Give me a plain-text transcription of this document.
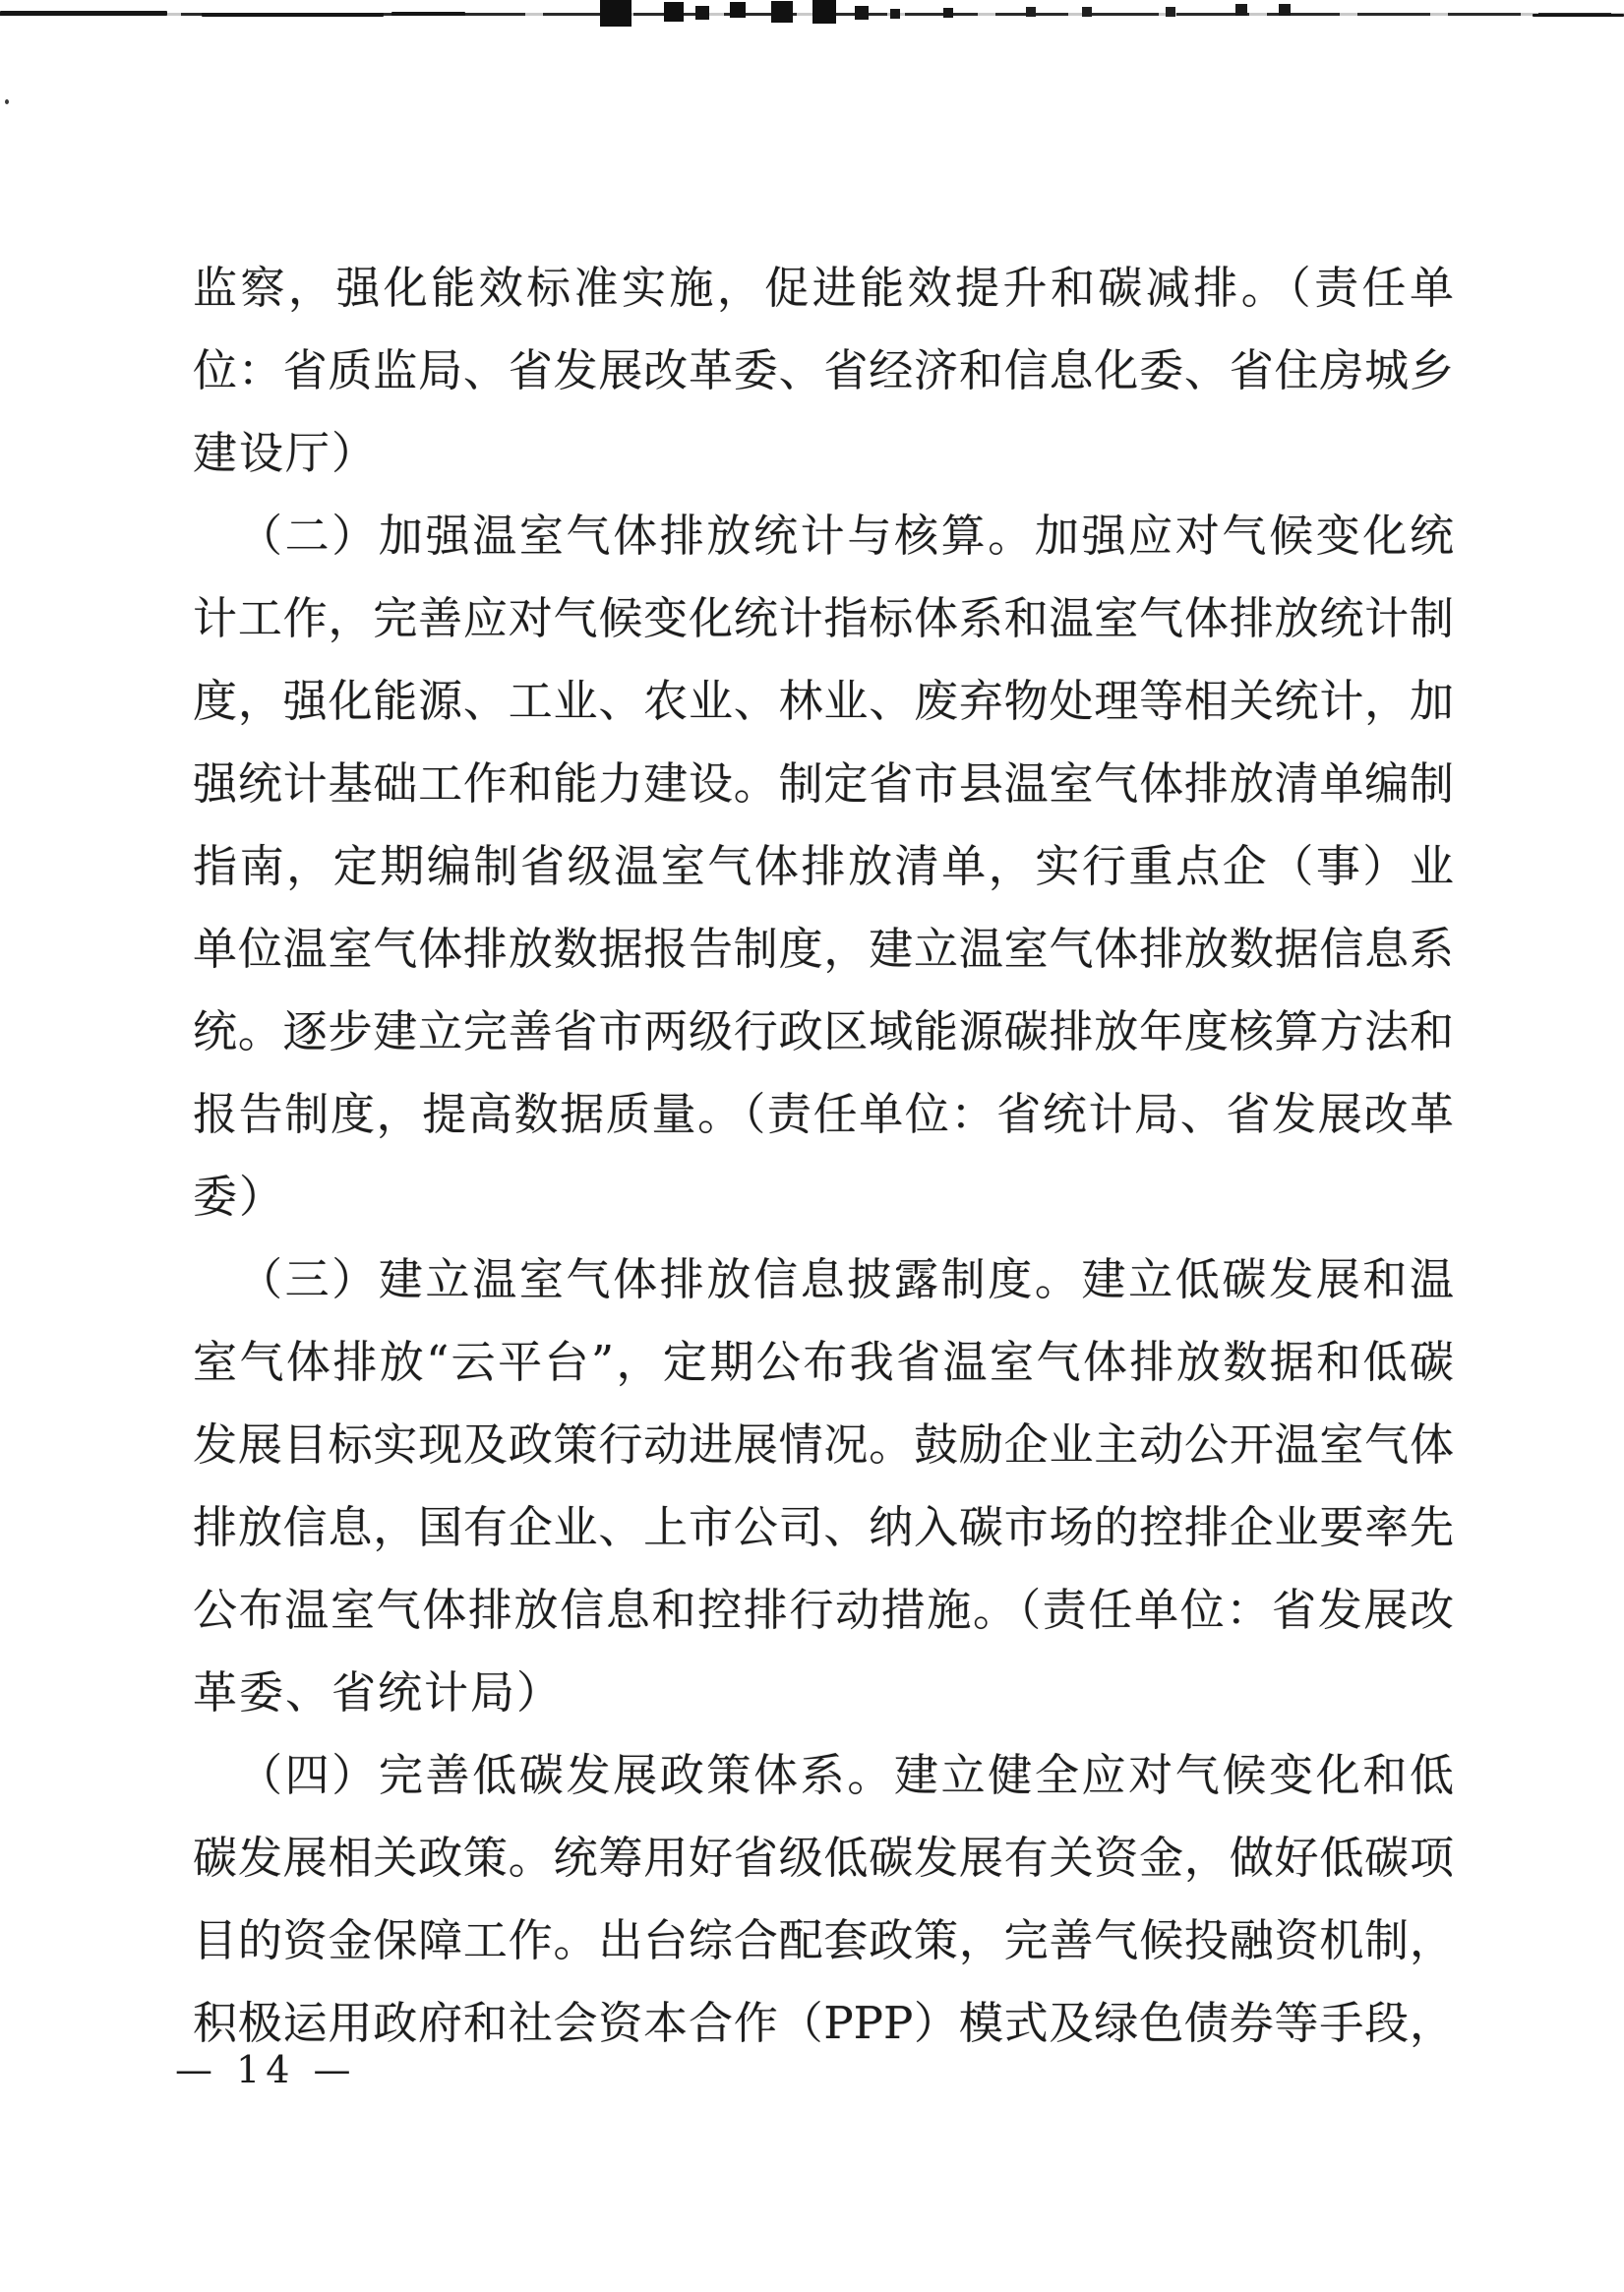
监察，强化能效标准实施，促进能效提升和碳减排。（责任单
位：省质监局、省发展改革委、省经济和信息化委、省住房城乡
建设厅）
（二）加强温室气体排放统计与核算。加强应对气候变化统
计工作，完善应对气候变化统计指标体系和温室气体排放统计制
度，强化能源、工业、农业、林业、废弃物处理等相关统计，加
强统计基础工作和能力建设。制定省市县温室气体排放清单编制
指南，定期编制省级温室气体排放清单，实行重点企（事）业
单位温室气体排放数据报告制度，建立温室气体排放数据信息系
统。逐步建立完善省市两级行政区域能源碳排放年度核算方法和
报告制度，提高数据质量。（责任单位：省统计局、省发展改革
委）
（三）建立温室气体排放信息披露制度。建立低碳发展和温
室气体排放“云平台”，定期公布我省温室气体排放数据和低碳
发展目标实现及政策行动进展情况。鼓励企业主动公开温室气体
排放信息，国有企业、上市公司、纳入碳市场的控排企业要率先
公布温室气体排放信息和控排行动措施。（责任单位：省发展改
革委、省统计局）
（四）完善低碳发展政策体系。建立健全应对气候变化和低
碳发展相关政策。统筹用好省级低碳发展有关资金，做好低碳项
目的资金保障工作。出台综合配套政策，完善气候投融资机制，
积极运用政府和社会资本合作（PPP）模式及绿色债券等手段，
— 14 —
